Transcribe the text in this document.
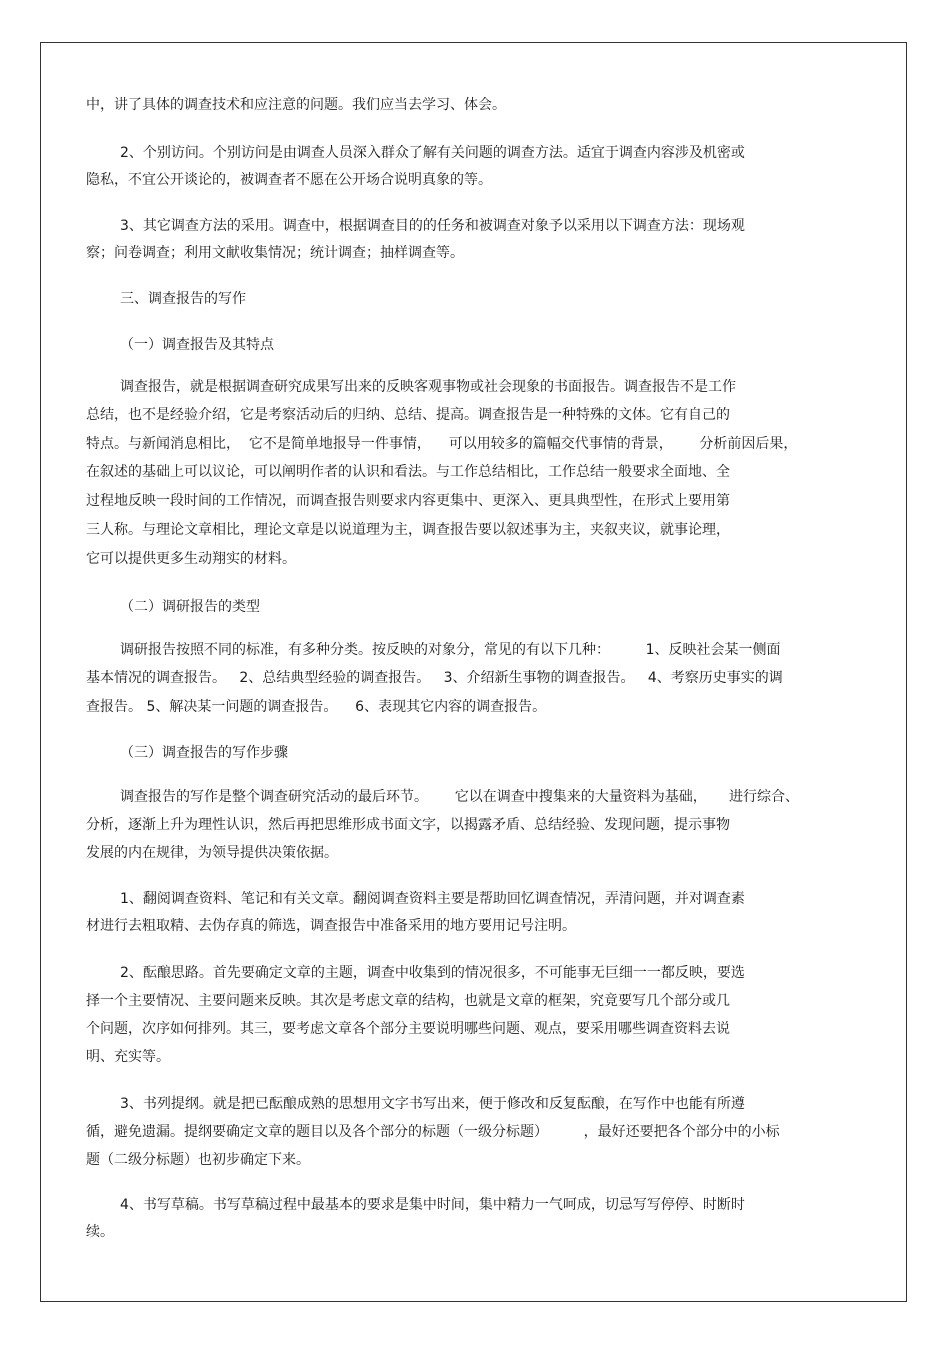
中，讲了具体的调查技术和应注意的问题。我们应当去学习、体会。

2、个别访问。个别访问是由调查人员深入群众了解有关问题的调查方法。适宜于调查内容涉及机密或

隐私，不宜公开谈论的，被调查者不愿在公开场合说明真象的等。

3、其它调查方法的采用。调查中，根据调查目的的任务和被调查对象予以采用以下调查方法：现场观

察；问卷调查；利用文献收集情况；统计调查；抽样调查等。

三、调查报告的写作

（一）调查报告及其特点

调查报告，就是根据调查研究成果写出来的反映客观事物或社会现象的书面报告。调查报告不是工作

总结，也不是经验介绍，它是考察活动后的归纳、总结、提高。调查报告是一种特殊的文体。它有自己的

特点。与新闻消息相比，  它不是简单地报导一件事情，    可以用较多的篇幅交代事情的背景，      分析前因后果，

在叙述的基础上可以议论，可以阐明作者的认识和看法。与工作总结相比，工作总结一般要求全面地、全

过程地反映一段时间的工作情况，而调查报告则要求内容更集中、更深入、更具典型性，在形式上要用第

三人称。与理论文章相比，理论文章是以说道理为主，调查报告要以叙述事为主，夹叙夹议，就事论理，

它可以提供更多生动翔实的材料。

（二）调研报告的类型

调研报告按照不同的标准，有多种分类。按反映的对象分，常见的有以下几种：        1、反映社会某一侧面

基本情况的调查报告。   2、总结典型经验的调查报告。   3、介绍新生事物的调查报告。   4、考察历史事实的调

查报告。 5、解决某一问题的调查报告。    6、表现其它内容的调查报告。

（三）调查报告的写作步骤

调查报告的写作是整个调查研究活动的最后环节。      它以在调查中搜集来的大量资料为基础，     进行综合、

分析，逐渐上升为理性认识，然后再把思维形成书面文字，以揭露矛盾、总结经验、发现问题，提示事物

发展的内在规律，为领导提供决策依据。

1、翻阅调查资料、笔记和有关文章。翻阅调查资料主要是帮助回忆调查情况，弄清问题，并对调查素

材进行去粗取精、去伪存真的筛选，调查报告中准备采用的地方要用记号注明。

2、酝酿思路。首先要确定文章的主题，调查中收集到的情况很多，不可能事无巨细一一都反映，要选

择一个主要情况、主要问题来反映。其次是考虑文章的结构，也就是文章的框架，究竟要写几个部分或几

个问题，次序如何排列。其三，要考虑文章各个部分主要说明哪些问题、观点，要采用哪些调查资料去说

明、充实等。

3、书列提纲。就是把已酝酿成熟的思想用文字书写出来，便于修改和反复酝酿，在写作中也能有所遵

循，避免遗漏。提纲要确定文章的题目以及各个部分的标题（一级分标题）        ，最好还要把各个部分中的小标

题（二级分标题）也初步确定下来。

4、书写草稿。书写草稿过程中最基本的要求是集中时间，集中精力一气呵成，切忌写写停停、时断时

续。
